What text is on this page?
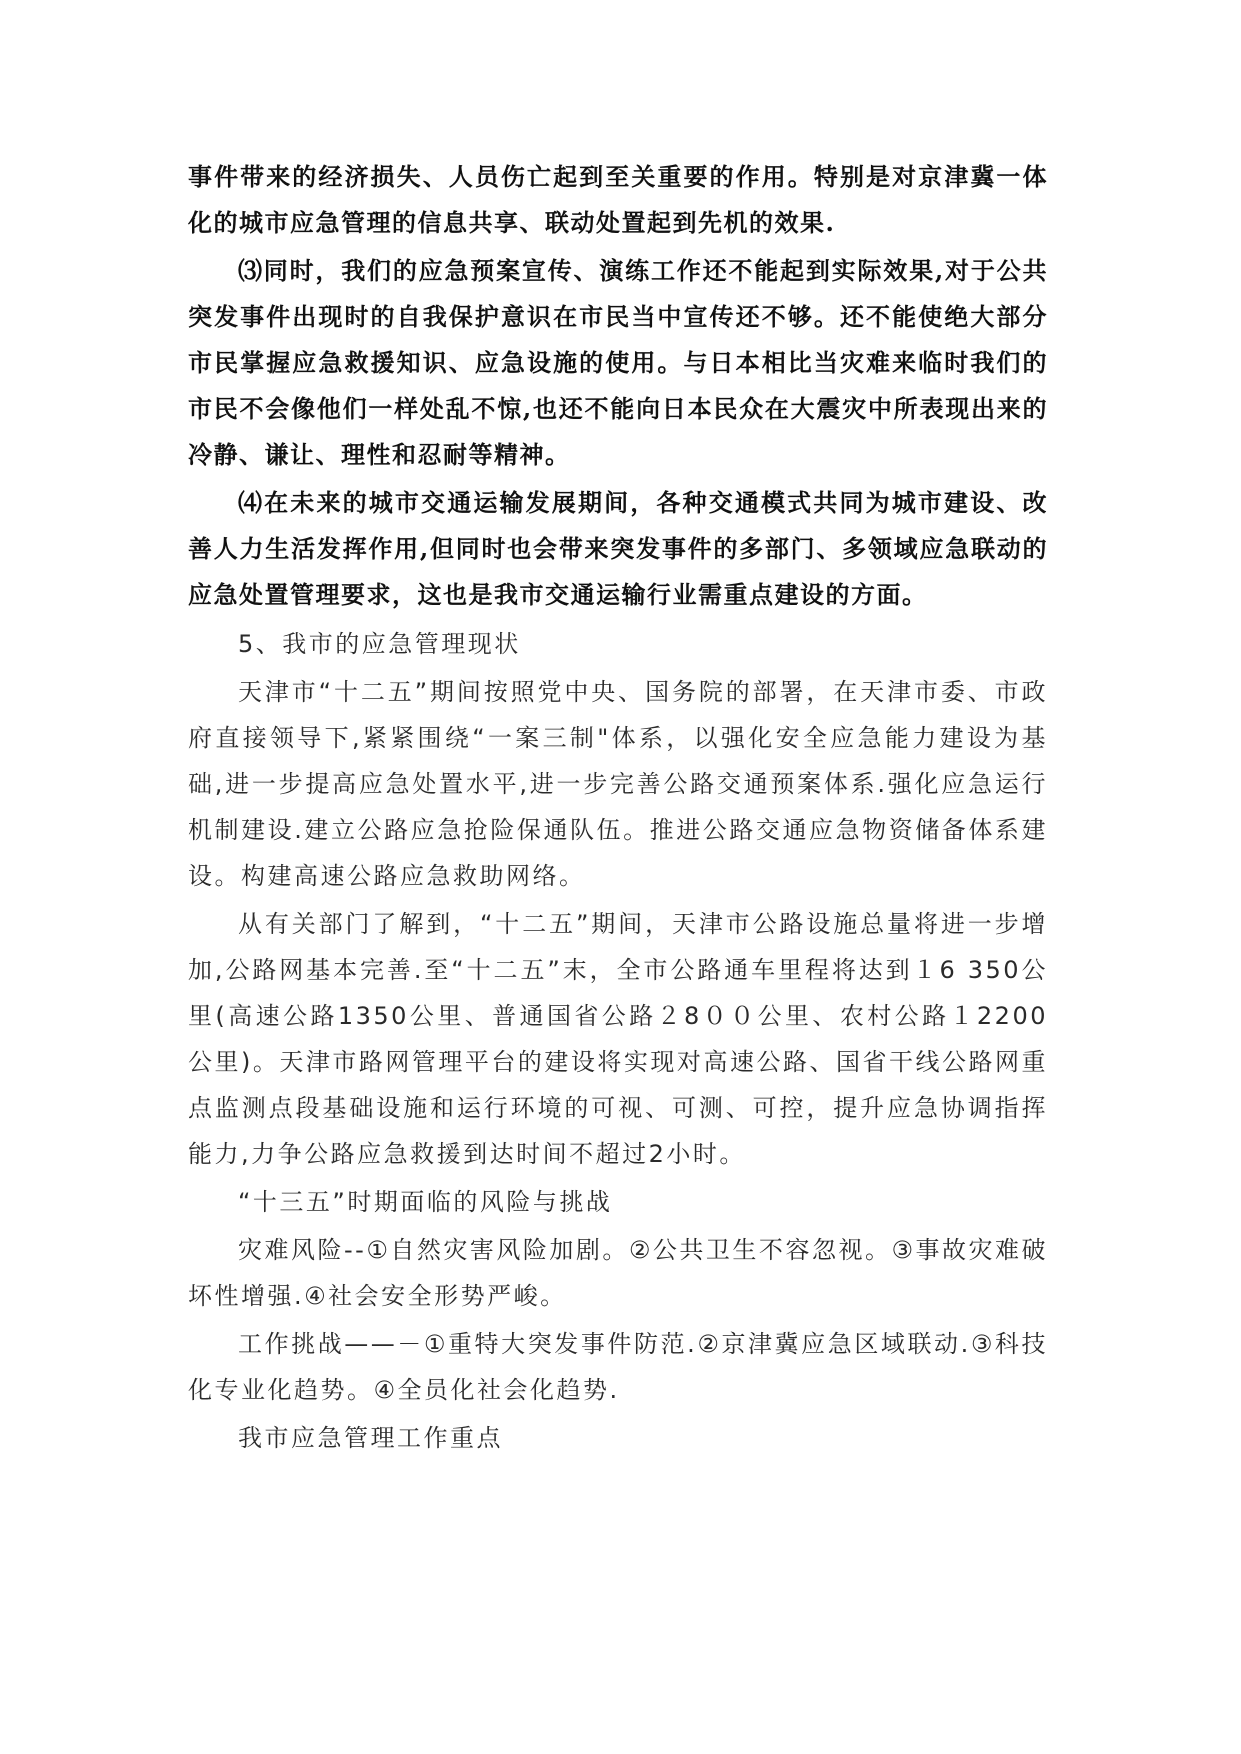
事件带来的经济损失、人员伤亡起到至关重要的作用。特别是对京津冀一体化的城市应急管理的信息共享、联动处置起到先机的效果.

⑶同时，我们的应急预案宣传、演练工作还不能起到实际效果,对于公共突发事件出现时的自我保护意识在市民当中宣传还不够。还不能使绝大部分市民掌握应急救援知识、应急设施的使用。与日本相比当灾难来临时我们的市民不会像他们一样处乱不惊,也还不能向日本民众在大震灾中所表现出来的冷静、谦让、理性和忍耐等精神。

⑷在未来的城市交通运输发展期间，各种交通模式共同为城市建设、改善人力生活发挥作用,但同时也会带来突发事件的多部门、多领域应急联动的应急处置管理要求，这也是我市交通运输行业需重点建设的方面。

5、我市的应急管理现状

天津市“十二五”期间按照党中央、国务院的部署，在天津市委、市政府直接领导下,紧紧围绕“一案三制"体系，以强化安全应急能力建设为基础,进一步提高应急处置水平,进一步完善公路交通预案体系.强化应急运行机制建设.建立公路应急抢险保通队伍。推进公路交通应急物资储备体系建设。构建高速公路应急救助网络。

从有关部门了解到，“十二五”期间，天津市公路设施总量将进一步增加,公路网基本完善.至“十二五”末，全市公路通车里程将达到１6 350公里(高速公路1350公里、普通国省公路２8００公里、农村公路１2200公里)。天津市路网管理平台的建设将实现对高速公路、国省干线公路网重点监测点段基础设施和运行环境的可视、可测、可控，提升应急协调指挥能力,力争公路应急救援到达时间不超过2小时。

“十三五”时期面临的风险与挑战

灾难风险--①自然灾害风险加剧。②公共卫生不容忽视。③事故灾难破坏性增强.④社会安全形势严峻。

工作挑战——－①重特大突发事件防范.②京津冀应急区域联动.③科技化专业化趋势。④全员化社会化趋势.

我市应急管理工作重点
